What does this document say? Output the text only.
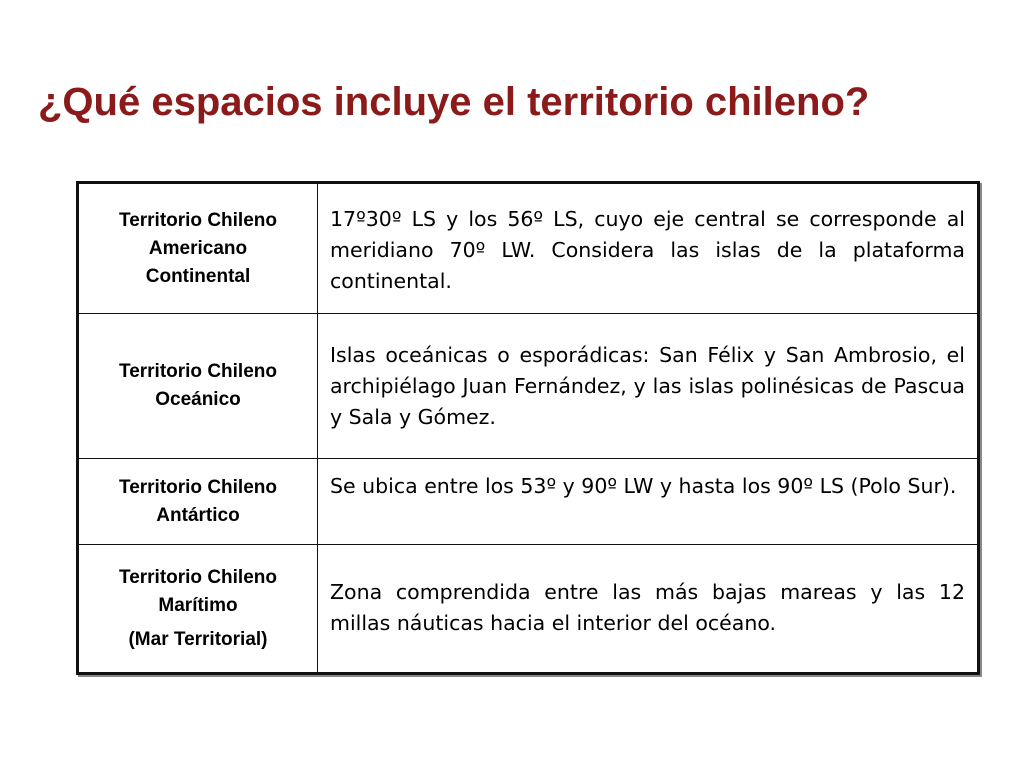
¿Qué espacios incluye el territorio chileno?
Territorio Chileno
Americano
Continental	17º30º LS y los 56º LS, cuyo eje central se corresponde al meridiano 70º LW. Considera las islas de la plataforma continental.

Territorio Chileno
Oceánico	Islas oceánicas o esporádicas: San Félix y San Ambrosio, el archipiélago Juan Fernández, y las islas polinésicas de Pascua y Sala y Gómez.

Territorio Chileno
Antártico	Se ubica entre los 53º y 90º LW y hasta los 90º LS (Polo Sur).

Territorio Chileno
Marítimo
(Mar Territorial)	Zona comprendida entre las más bajas mareas y las 12 millas náuticas hacia el interior del océano.
